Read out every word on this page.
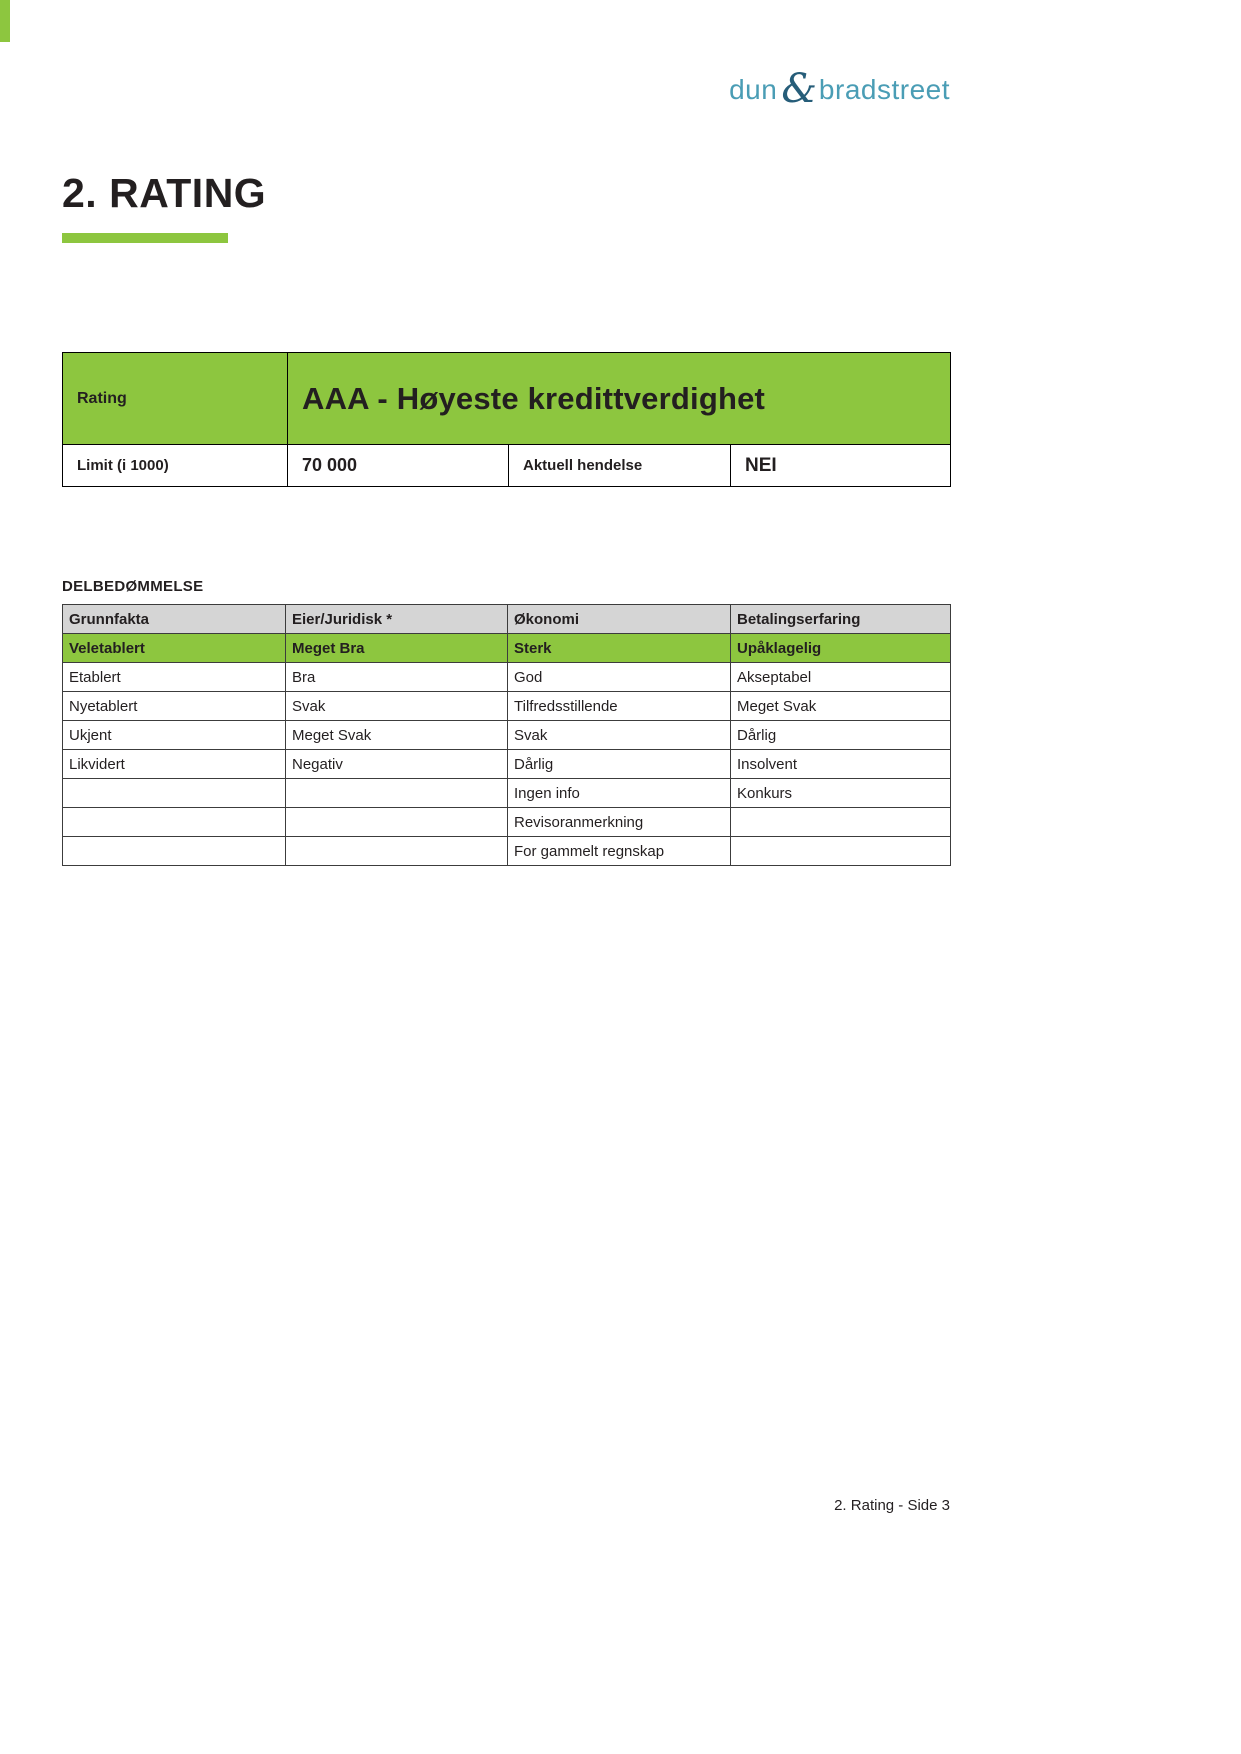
dun & bradstreet
2. RATING
Rating	AAA - Høyeste kredittverdighet		
Limit (i 1000)	70 000	Aktuell hendelse	NEI
DELBEDØMMELSE
Grunnfakta	Eier/Juridisk *	Økonomi	Betalingserfaring
Veletablert	Meget Bra	Sterk	Upåklagelig
Etablert	Bra	God	Akseptabel
Nyetablert	Svak	Tilfredsstillende	Meget Svak
Ukjent	Meget Svak	Svak	Dårlig
Likvidert	Negativ	Dårlig	Insolvent
		Ingen info	Konkurs
		Revisoranmerkning	
		For gammelt regnskap	
2. Rating - Side 3
